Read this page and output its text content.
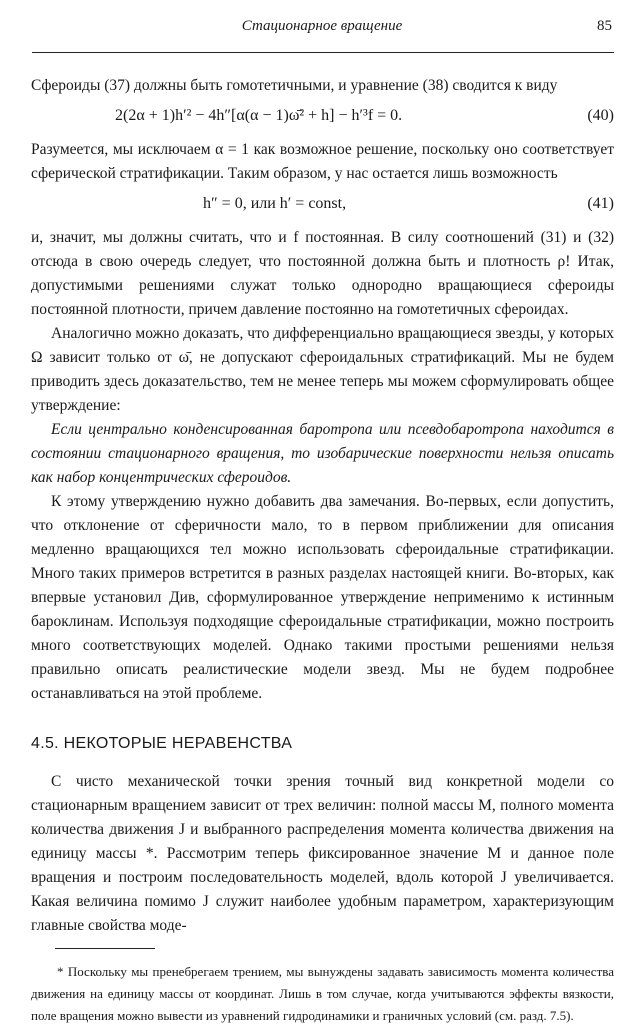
Стационарное вращение	85

Сфероиды (37) должны быть гомотетичными, и уравнение (38) сводится к виду

2(2α + 1)h′² − 4h″[α(α − 1)ω̄² + h] − h′³f = 0.	(40)

Разумеется, мы исключаем α = 1 как возможное решение, поскольку оно соответствует сферической стратификации. Таким образом, у нас остается лишь возможность

h″ = 0, или h′ = const,	(41)

и, значит, мы должны считать, что и f постоянная. В силу соотношений (31) и (32) отсюда в свою очередь следует, что постоянной должна быть и плотность ρ! Итак, допустимыми решениями служат только однородно вращающиеся сфероиды постоянной плотности, причем давление постоянно на гомотетичных сфероидах.

Аналогично можно доказать, что дифференциально вращающиеся звезды, у которых Ω зависит только от ω̄, не допускают сфероидальных стратификаций. Мы не будем приводить здесь доказательство, тем не менее теперь мы можем сформулировать общее утверждение:

Если центрально конденсированная баротропа или псевдобаротропа находится в состоянии стационарного вращения, то изобарические поверхности нельзя описать как набор концентрических сфероидов.

К этому утверждению нужно добавить два замечания. Во-первых, если допустить, что отклонение от сферичности мало, то в первом приближении для описания медленно вращающихся тел можно использовать сфероидальные стратификации. Много таких примеров встретится в разных разделах настоящей книги. Во-вторых, как впервые установил Див, сформулированное утверждение неприменимо к истинным бароклинам. Используя подходящие сфероидальные стратификации, можно построить много соответствующих моделей. Однако такими простыми решениями нельзя правильно описать реалистические модели звезд. Мы не будем подробнее останавливаться на этой проблеме.

4.5. НЕКОТОРЫЕ НЕРАВЕНСТВА

С чисто механической точки зрения точный вид конкретной модели со стационарным вращением зависит от трех величин: полной массы M, полного момента количества движения J и выбранного распределения момента количества движения на единицу массы *. Рассмотрим теперь фиксированное значение M и данное поле вращения и построим последовательность моделей, вдоль которой J увеличивается. Какая величина помимо J служит наиболее удобным параметром, характеризующим главные свойства моде-

* Поскольку мы пренебрегаем трением, мы вынуждены задавать зависимость момента количества движения на единицу массы от координат. Лишь в том случае, когда учитываются эффекты вязкости, поле вращения можно вывести из уравнений гидродинамики и граничных условий (см. разд. 7.5).
